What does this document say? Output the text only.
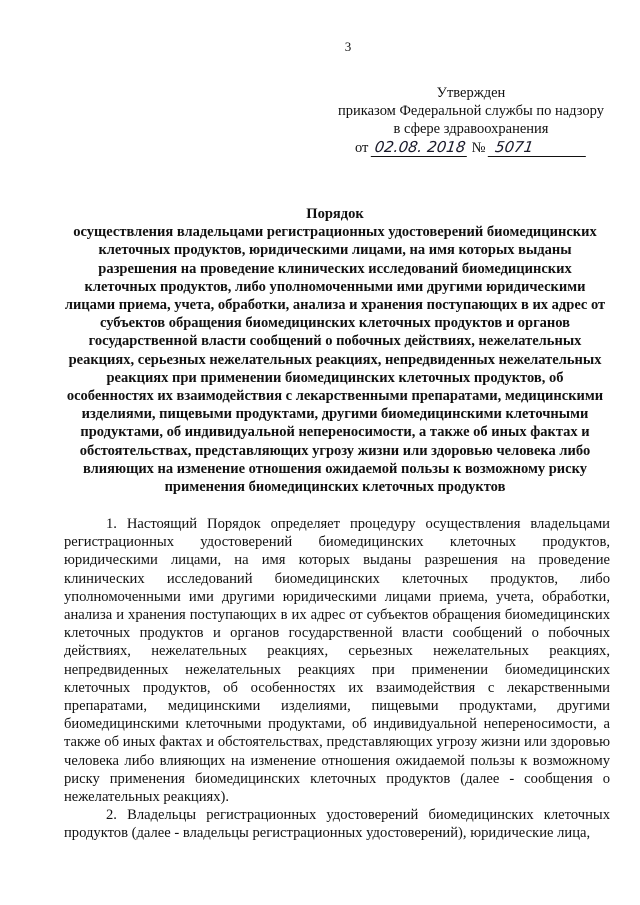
3
Утвержден
приказом Федеральной службы по надзору
в сфере здравоохранения
от 02.08. 2018 № 5071
Порядок
осуществления владельцами регистрационных удостоверений биомедицинских клеточных продуктов, юридическими лицами, на имя которых выданы разрешения на проведение клинических исследований биомедицинских клеточных продуктов, либо уполномоченными ими другими юридическими лицами приема, учета, обработки, анализа и хранения поступающих в их адрес от субъектов обращения биомедицинских клеточных продуктов и органов государственной власти сообщений о побочных действиях, нежелательных реакциях, серьезных нежелательных реакциях, непредвиденных нежелательных реакциях при применении биомедицинских клеточных продуктов, об особенностях их взаимодействия с лекарственными препаратами, медицинскими изделиями, пищевыми продуктами, другими биомедицинскими клеточными продуктами, об индивидуальной непереносимости, а также об иных фактах и обстоятельствах, представляющих угрозу жизни или здоровью человека либо влияющих на изменение отношения ожидаемой пользы к возможному риску применения биомедицинских клеточных продуктов

1. Настоящий Порядок определяет процедуру осуществления владельцами регистрационных удостоверений биомедицинских клеточных продуктов, юридическими лицами, на имя которых выданы разрешения на проведение клинических исследований биомедицинских клеточных продуктов, либо уполномоченными ими другими юридическими лицами приема, учета, обработки, анализа и хранения поступающих в их адрес от субъектов обращения биомедицинских клеточных продуктов и органов государственной власти сообщений о побочных действиях, нежелательных реакциях, серьезных нежелательных реакциях, непредвиденных нежелательных реакциях при применении биомедицинских клеточных продуктов, об особенностях их взаимодействия с лекарственными препаратами, медицинскими изделиями, пищевыми продуктами, другими биомедицинскими клеточными продуктами, об индивидуальной непереносимости, а также об иных фактах и обстоятельствах, представляющих угрозу жизни или здоровью человека либо влияющих на изменение отношения ожидаемой пользы к возможному риску применения биомедицинских клеточных продуктов (далее - сообщения о нежелательных реакциях).

2. Владельцы регистрационных удостоверений биомедицинских клеточных продуктов (далее - владельцы регистрационных удостоверений), юридические лица,
